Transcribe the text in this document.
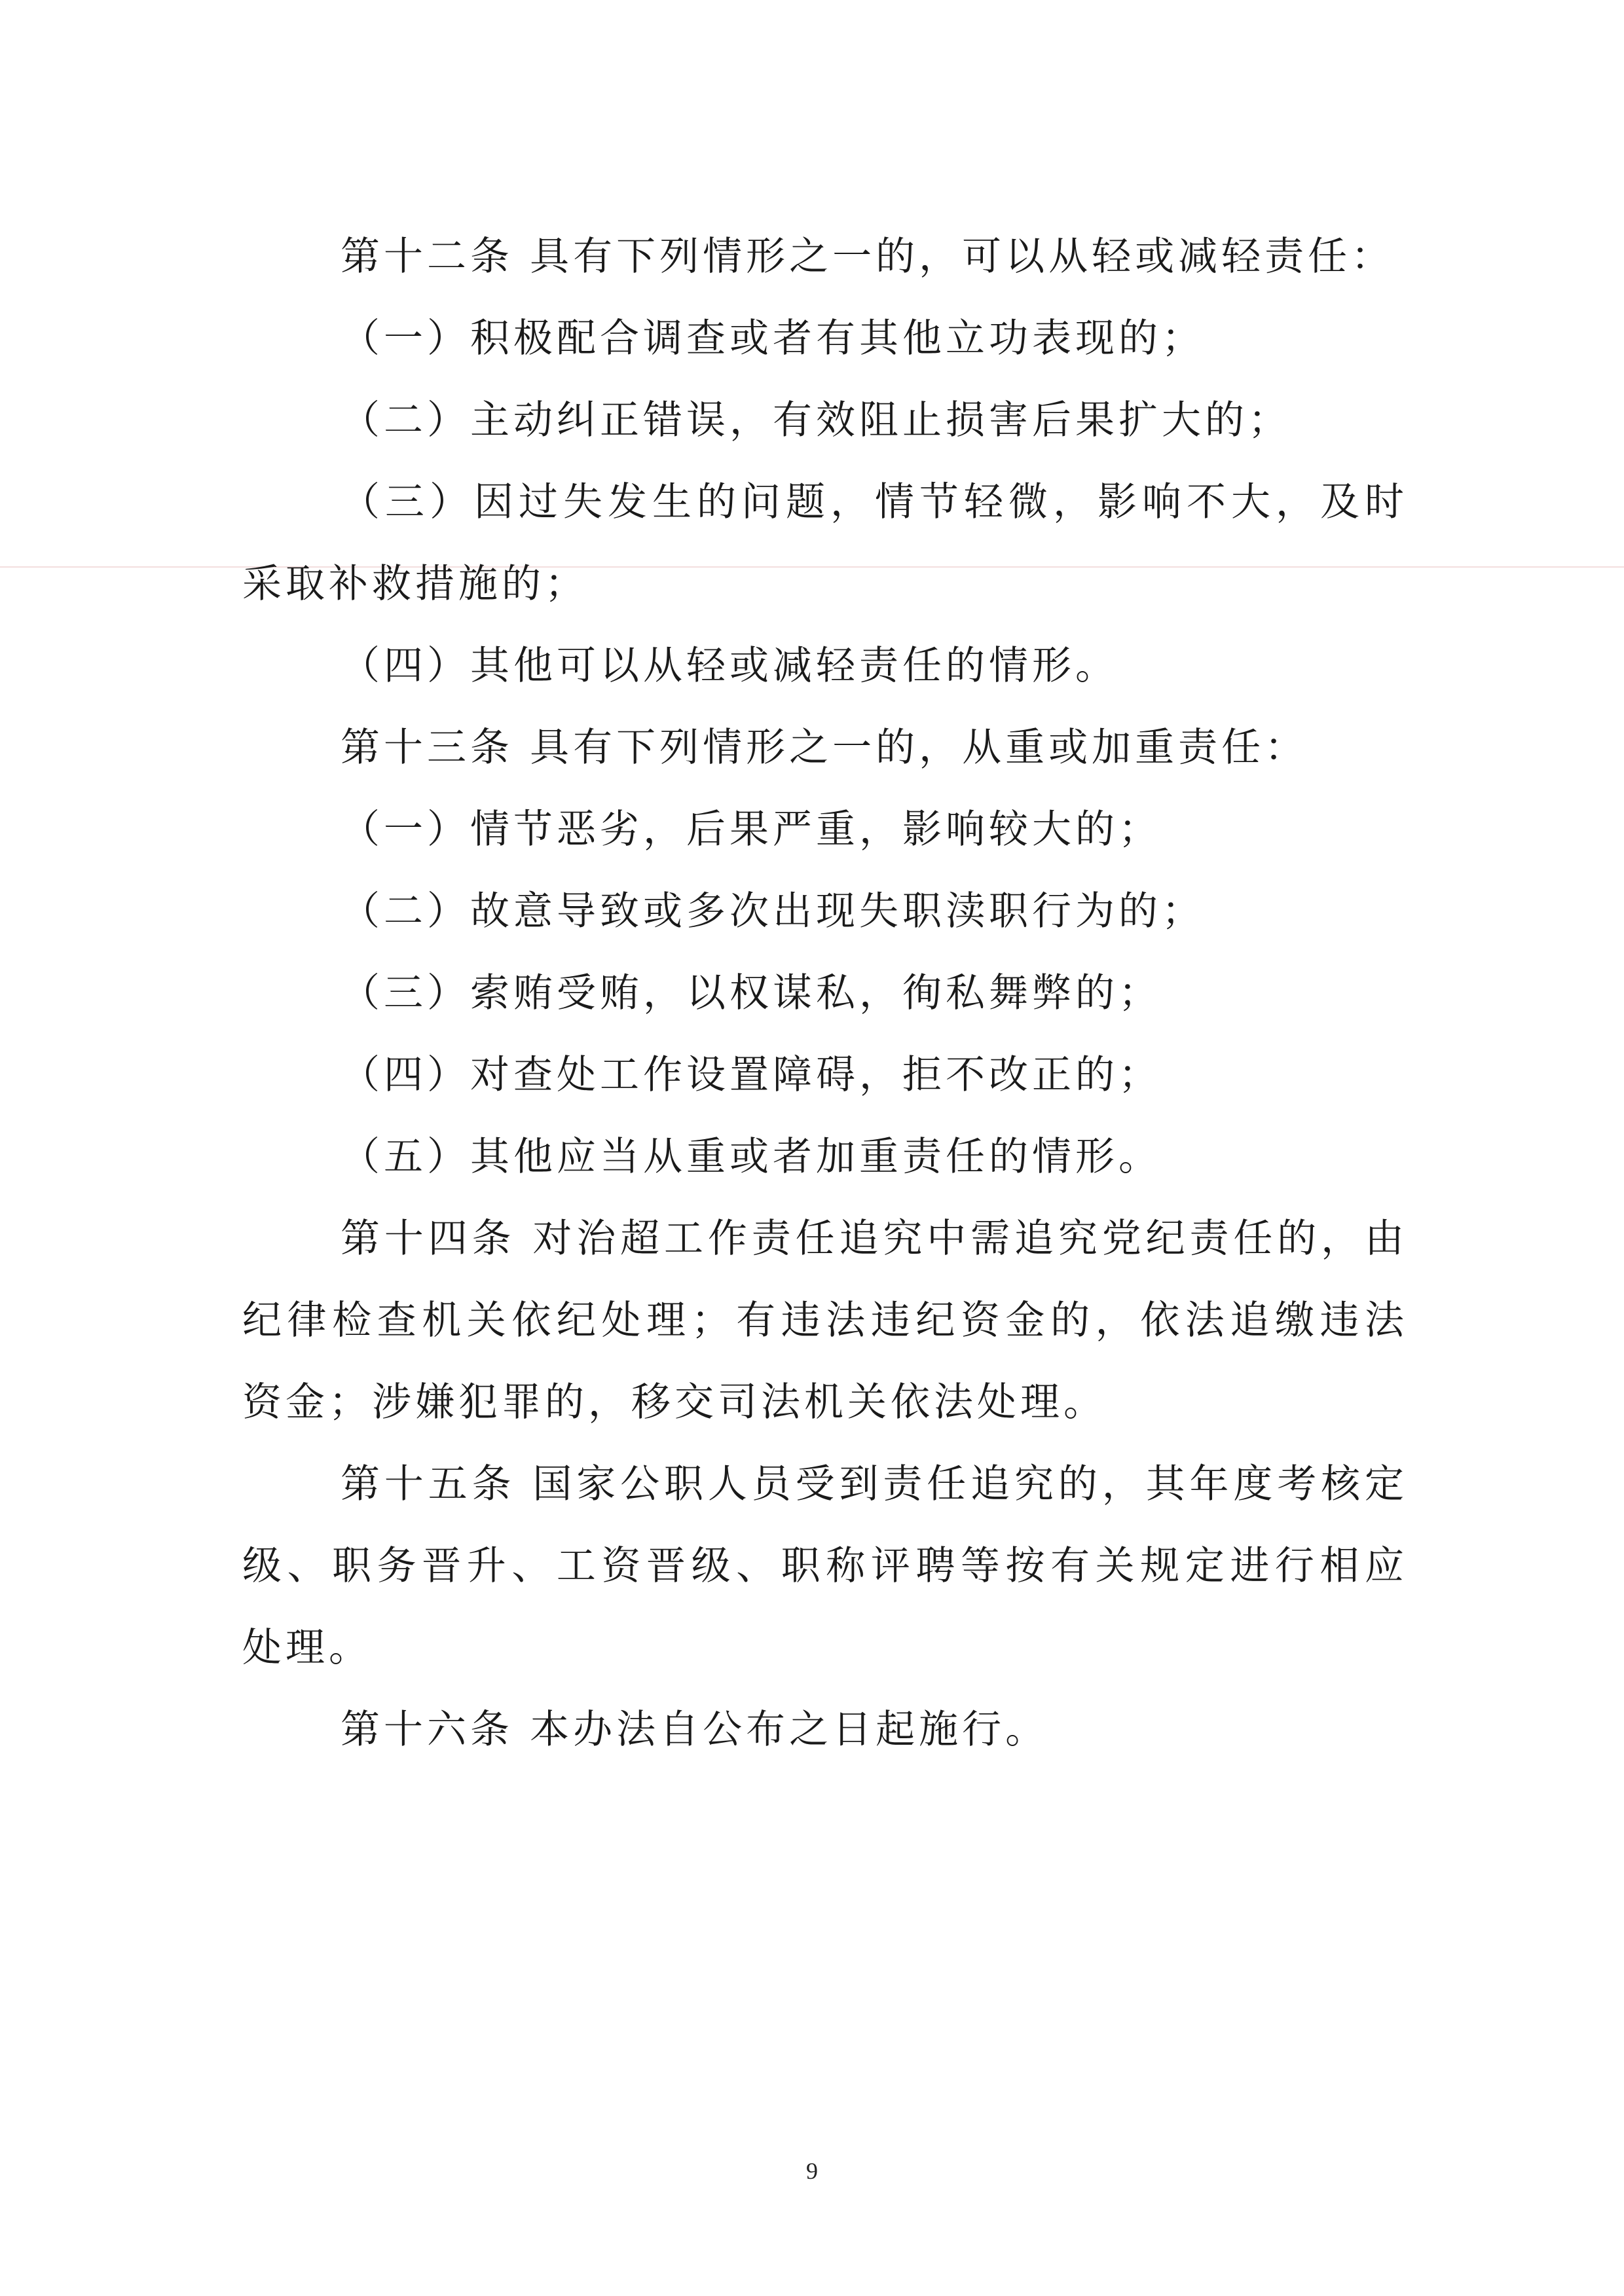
第十二条 具有下列情形之一的，可以从轻或减轻责任：

（一）积极配合调查或者有其他立功表现的；

（二）主动纠正错误，有效阻止损害后果扩大的；

（三）因过失发生的问题，情节轻微，影响不大，及时采取补救措施的；

（四）其他可以从轻或减轻责任的情形。

第十三条 具有下列情形之一的，从重或加重责任：

（一）情节恶劣，后果严重，影响较大的；

（二）故意导致或多次出现失职渎职行为的；

（三）索贿受贿，以权谋私，徇私舞弊的；

（四）对查处工作设置障碍，拒不改正的；

（五）其他应当从重或者加重责任的情形。

第十四条 对治超工作责任追究中需追究党纪责任的，由纪律检查机关依纪处理；有违法违纪资金的，依法追缴违法资金；涉嫌犯罪的，移交司法机关依法处理。

第十五条 国家公职人员受到责任追究的，其年度考核定级、职务晋升、工资晋级、职称评聘等按有关规定进行相应处理。

第十六条 本办法自公布之日起施行。

9
